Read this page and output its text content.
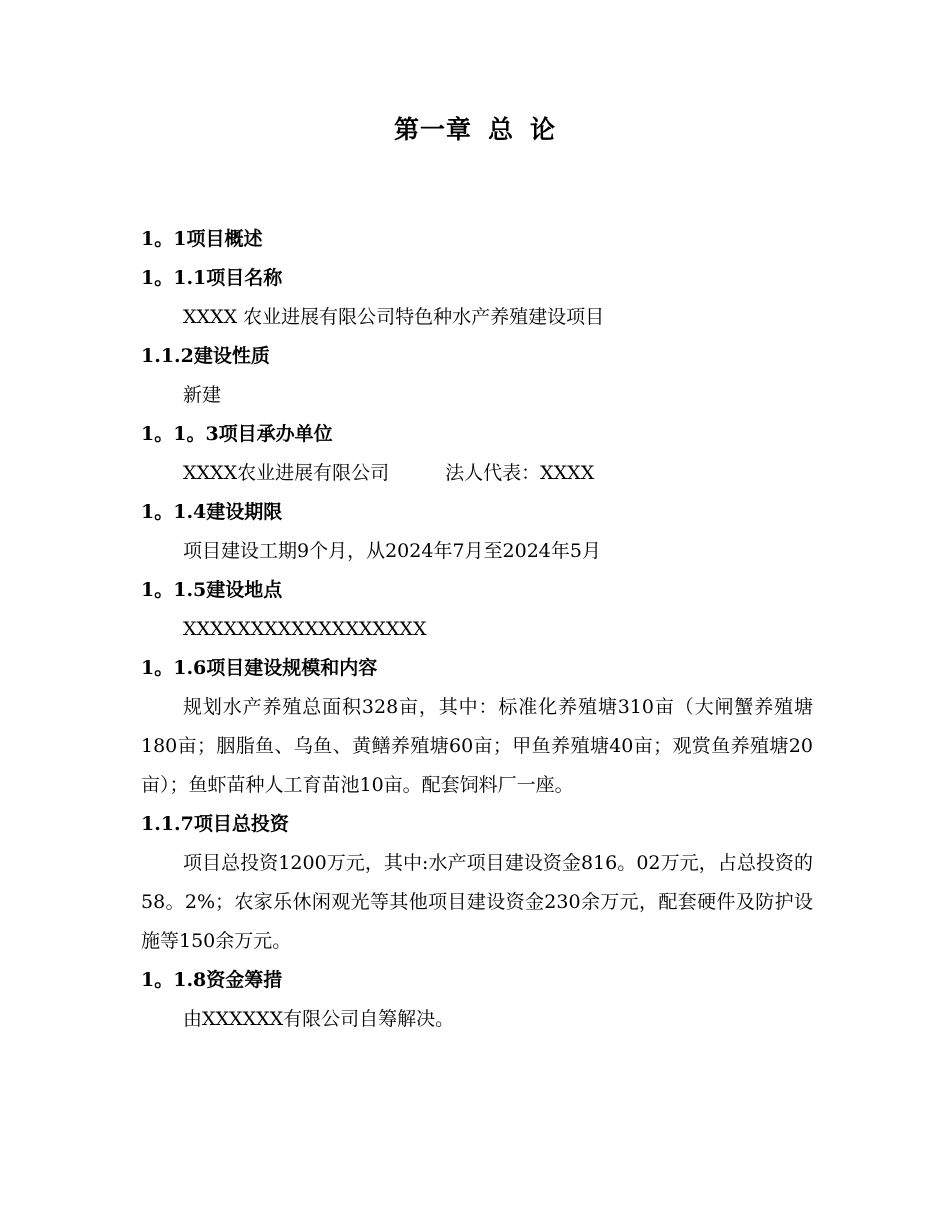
第一章 总 论
1。1项目概述
1。1.1项目名称
XXXX 农业进展有限公司特色种水产养殖建设项目
1.1.2建设性质
新建
1。1。3项目承办单位
XXXX农业进展有限公司	法人代表：XXXX
1。1.4建设期限
项目建设工期9个月，从2024年7月至2024年5月
1。1.5建设地点
XXXXXXXXXXXXXXXXXX
1。1.6项目建设规模和内容
规划水产养殖总面积328亩，其中：标准化养殖塘310亩（大闸蟹养殖塘180亩；胭脂鱼、乌鱼、黄鳝养殖塘60亩；甲鱼养殖塘40亩；观赏鱼养殖塘20亩）；鱼虾苗种人工育苗池10亩。配套饲料厂一座。
1.1.7项目总投资
项目总投资1200万元，其中:水产项目建设资金816。02万元，占总投资的58。2%；农家乐休闲观光等其他项目建设资金230余万元，配套硬件及防护设施等150余万元。
1。1.8资金筹措
由XXXXXX有限公司自筹解决。
